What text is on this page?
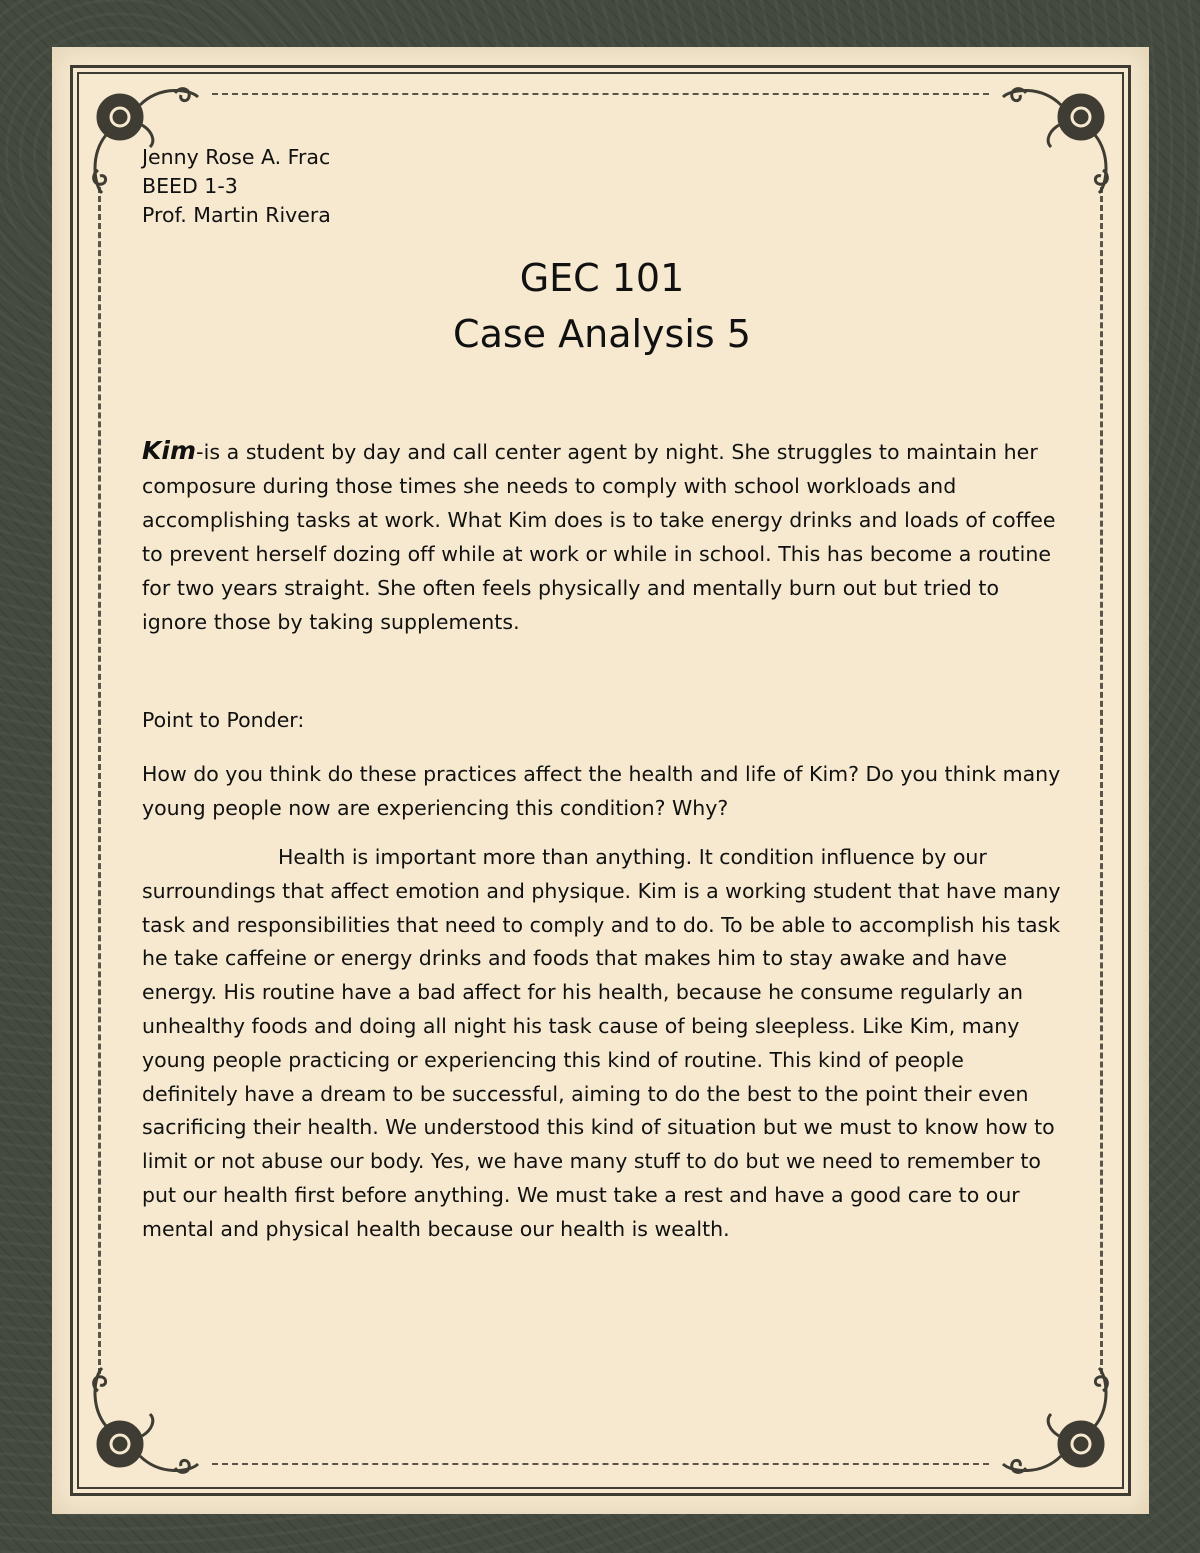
Jenny Rose A. Frac

BEED 1-3

Prof. Martin Rivera

GEC 101
Case Analysis 5

Kim-is a student by day and call center agent by night. She struggles to maintain her composure during those times she needs to comply with school workloads and accomplishing tasks at work. What Kim does is to take energy drinks and loads of coffee to prevent herself dozing off while at work or while in school. This has become a routine for two years straight. She often feels physically and mentally burn out but tried to ignore those by taking supplements.

Point to Ponder:

How do you think do these practices affect the health and life of Kim? Do you think many young people now are experiencing this condition? Why?

Health is important more than anything. It condition influence by our surroundings that affect emotion and physique. Kim is a working student that have many task and responsibilities that need to comply and to do. To be able to accomplish his task he take caffeine or energy drinks and foods that makes him to stay awake and have energy. His routine have a bad affect for his health, because he consume regularly an unhealthy foods and doing all night his task cause of being sleepless. Like Kim, many young people practicing or experiencing this kind of routine. This kind of people definitely have a dream to be successful, aiming to do the best to the point their even sacrificing their health. We understood this kind of situation but we must to know how to limit or not abuse our body. Yes, we have many stuff to do but we need to remember to put our health first before anything. We must take a rest and have a good care to our mental and physical health because our health is wealth.
